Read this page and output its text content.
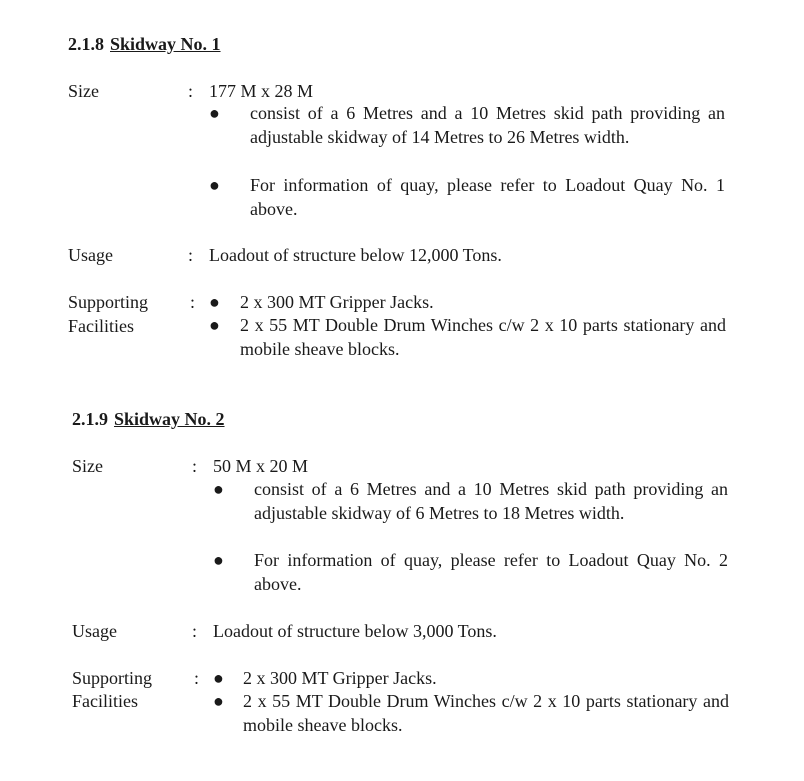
2.1.8 Skidway No. 1
Size	: 177 M x 28 M
● consist of a 6 Metres and a 10 Metres skid path providing an adjustable skidway of 14 Metres to 26 Metres width.
● For information of quay, please refer to Loadout Quay No. 1 above.
Usage	: Loadout of structure below 12,000 Tons.
Supporting
Facilities
: ● 2 x 300 MT Gripper Jacks.
● 2 x 55 MT Double Drum Winches c/w 2 x 10 parts stationary and mobile sheave blocks.
2.1.9 Skidway No. 2
Size	: 50 M x 20 M
● consist of a 6 Metres and a 10 Metres skid path providing an adjustable skidway of 6 Metres to 18 Metres width.
● For information of quay, please refer to Loadout Quay No. 2 above.
Usage	: Loadout of structure below 3,000 Tons.
Supporting
Facilities
: ● 2 x 300 MT Gripper Jacks.
● 2 x 55 MT Double Drum Winches c/w 2 x 10 parts stationary and mobile sheave blocks.
